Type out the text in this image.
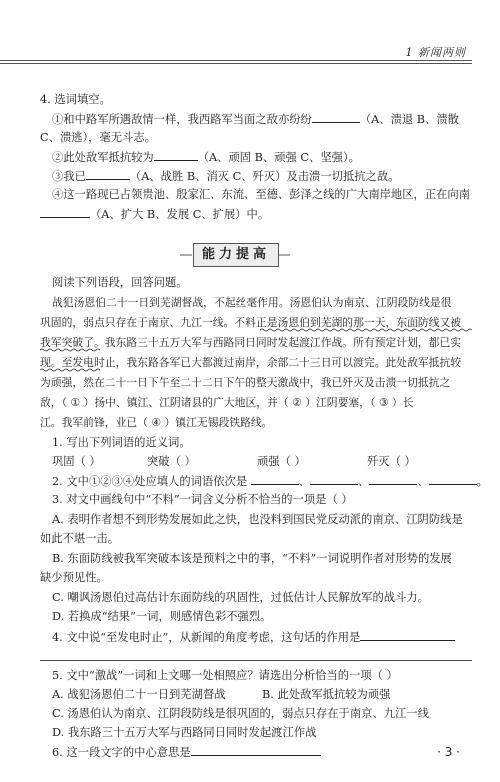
1 新闻两则
4. 选词填空。
①和中路军所遇敌情一样，我西路军当面之敌亦纷纷	（A、溃退 B、溃散
C、溃逃），毫无斗志。
②此处敌军抵抗较为	（A、顽固 B、顽强 C、坚强）。
③我已	（A、战胜 B、消灭 C、歼灭）及击溃一切抵抗之敌。
④这一路现已占领贵池、殷家汇、东流、至德、彭泽之线的广大南岸地区，正在向南
（A、扩大 B、发展 C、扩展）中。
能力提高
阅读下列语段，回答问题。
战犯汤恩伯二十一日到芜湖督战，不起丝毫作用。汤恩伯认为南京、江阴段防线是很
巩固的，弱点只存在于南京、九江一线。不料正是汤恩伯到芜湖的那一天，东面防线又被
我军突破了。我东路三十五万大军与西路同日同时发起渡江作战。所有预定计划，都已实
现。至发电时止，我东路各军已大都渡过南岸，余部二十三日可以渡完。此处敌军抵抗较
为顽强，然在二十一日下午至二十二日下午的整天激战中，我已歼灭及击溃一切抵抗之
敌，（ ① ）扬中、镇江、江阴诸县的广大地区，并（ ② ）江阴要塞，（ ③ ）长
江。我军前锋，业已（ ④ ）镇江无锡段铁路线。
1. 写出下列词语的近义词。
巩固（ ）	突破（ ）	顽强（ ）	歼灭（ ）
2. 文中①②③④处应填人的词语依次是	、	、	、	。
3. 对文中画线句中“不料”一词含义分析不恰当的一项是（ ）
A. 表明作者想不到形势发展如此之快，也没料到国民党反动派的南京、江阴防线是
如此不堪一击。
B. 东面防线被我军突破本该是预料之中的事，“不料”一词说明作者对形势的发展
缺少预见性。
C. 嘲讽汤恩伯过高估计东面防线的巩固性，过低估计人民解放军的战斗力。
D. 若换成“结果”一词，则感情色彩不强烈。
4. 文中说“至发电时止”，从新闻的角度考虑，这句话的作用是
5. 文中“激战”一词和上文哪一处相照应？请选出分析恰当的一项（ ）
A. 战犯汤恩伯二十一日到芜湖督战	B. 此处敌军抵抗较为顽强
C. 汤恩伯认为南京、江阴段防线是很巩固的，弱点只存在于南京、九江一线
D. 我东路三十五万大军与西路同日同时发起渡江作战
6. 这一段文字的中心意思是	· 3 ·
